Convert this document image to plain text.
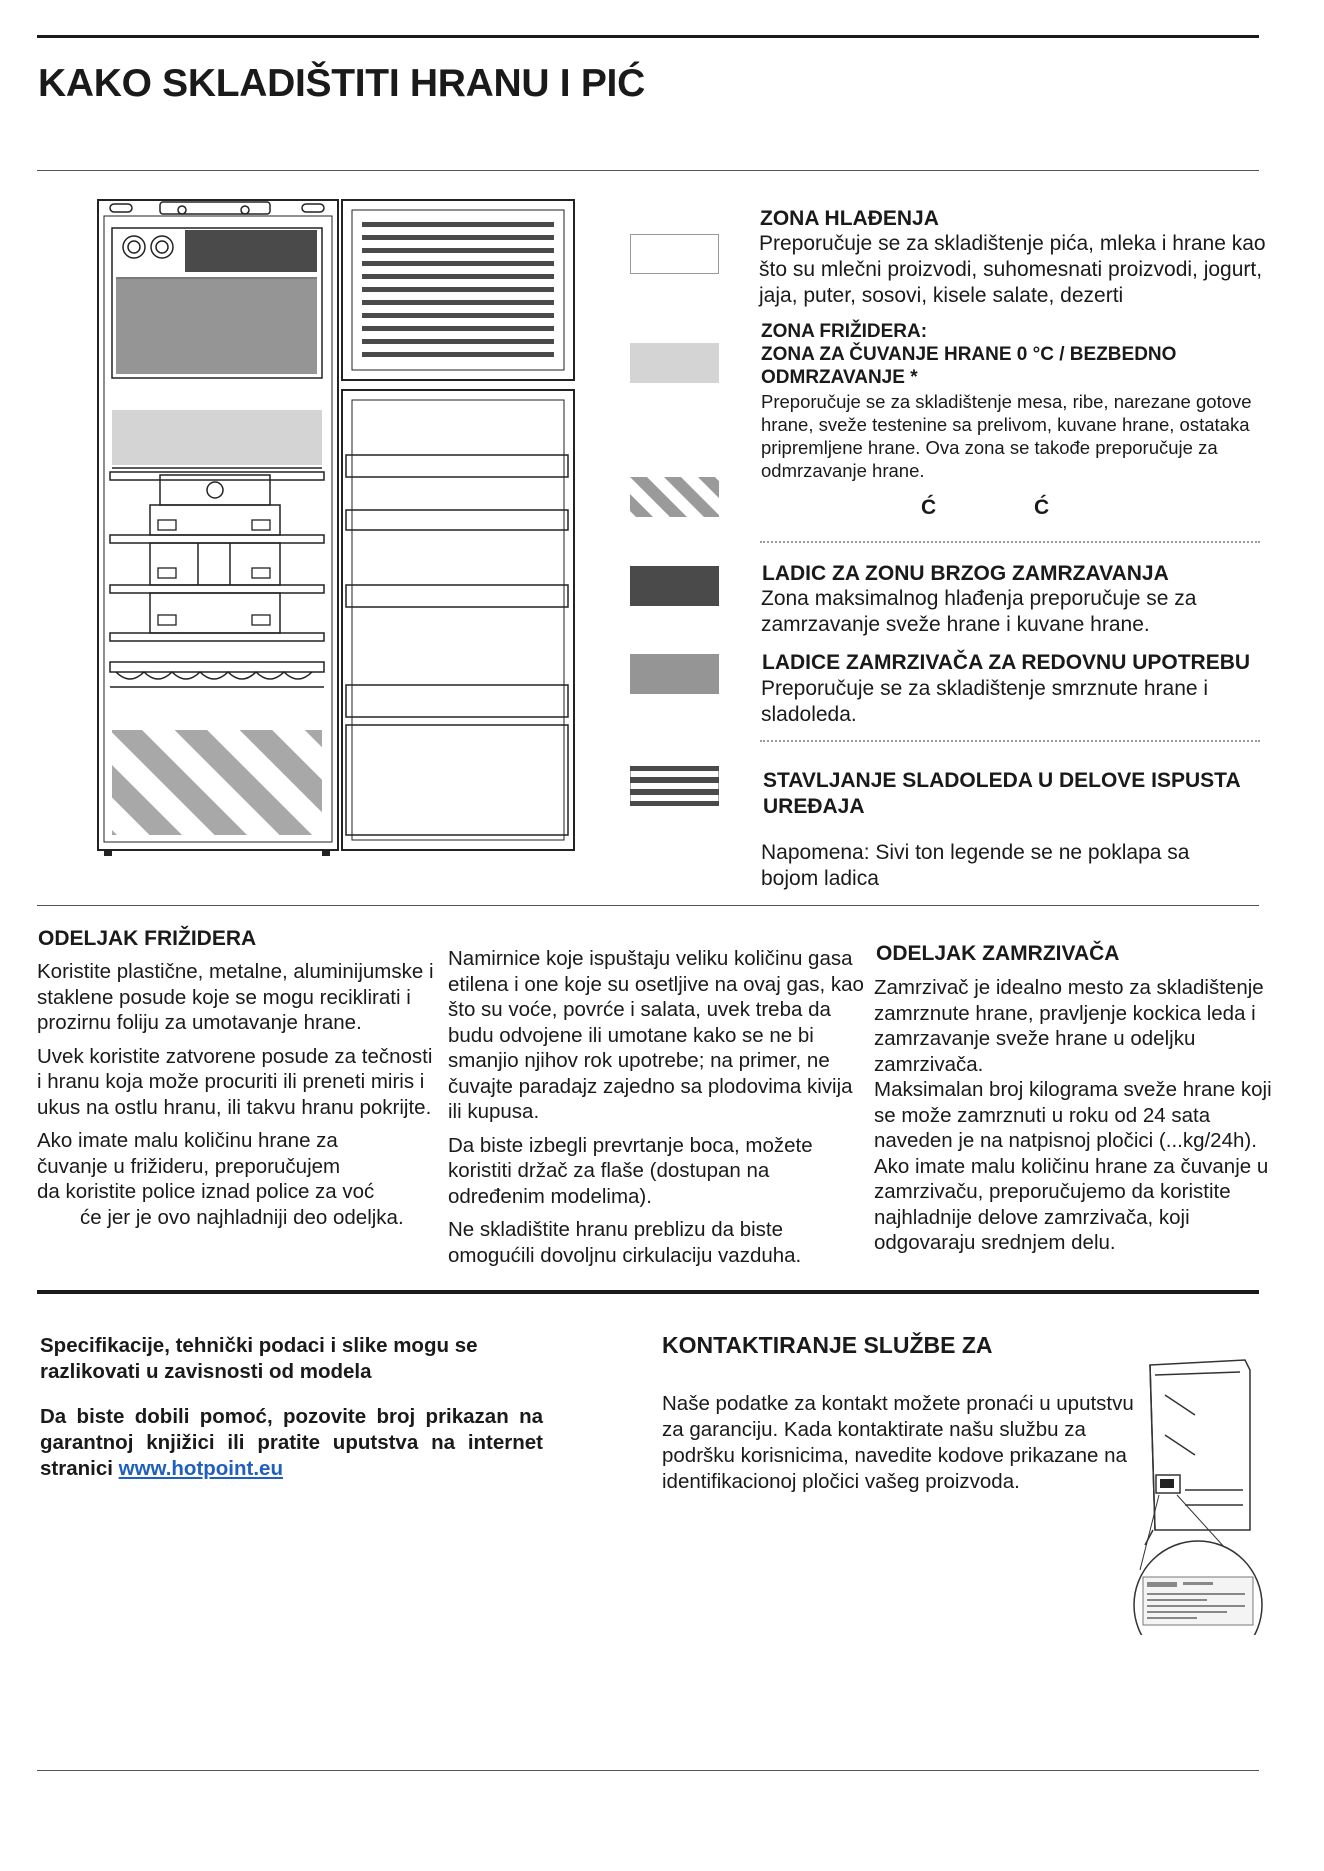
KAKO SKLADIŠTITI HRANU I PIĆ
ZONA HLAĐENJA
Preporučuje se za skladištenje pića, mleka i hrane kao
što su mlečni proizvodi, suhomesnati proizvodi, jogurt,
jaja, puter, sosovi, kisele salate, dezerti
ZONA FRIŽIDERA:
ZONA ZA ČUVANJE HRANE 0 °C / BEZBEDNO
ODMRZAVANJE *
Preporučuje se za skladištenje mesa, ribe, narezane gotove
hrane, sveže testenine sa prelivom, kuvane hrane, ostataka
pripremljene hrane. Ova zona se takođe preporučuje za
odmrzavanje hrane.
Ć	Ć
LADIC ZA ZONU BRZOG ZAMRZAVANJA
Zona maksimalnog hlađenja preporučuje se za
zamrzavanje sveže hrane i kuvane hrane.
LADICE ZAMRZIVAČA ZA REDOVNU UPOTREBU
Preporučuje se za skladištenje smrznute hrane i
sladoleda.
STAVLJANJE SLADOLEDA U DELOVE ISPUSTA
UREĐAJA
Napomena: Sivi ton legende se ne poklapa sa
bojom ladica
ODELJAK FRIŽIDERA

Koristite plastične, metalne, aluminijumske i staklene posude koje se mogu reciklirati i prozirnu foliju za umotavanje hrane.

Uvek koristite zatvorene posude za tečnosti i hranu koja može procuriti ili preneti miris i ukus na ostlu hranu, ili takvu hranu pokrijte.

Ako imate malu količinu hrane za
čuvanje u frižideru, preporučujem
da koristite police iznad police za voć
će jer je ovo najhladniji deo odeljka.

Namirnice koje ispuštaju veliku količinu gasa etilena i one koje su osetljive na ovaj gas, kao što su voće, povrće i salata, uvek treba da budu odvojene ili umotane kako se ne bi smanjio njihov rok upotrebe; na primer, ne čuvajte paradajz zajedno sa plodovima kivija ili kupusa.

Da biste izbegli prevrtanje boca, možete koristiti držač za flaše (dostupan na određenim modelima).

Ne skladištite hranu preblizu da biste omogućili dovoljnu cirkulaciju vazduha.

ODELJAK ZAMRZIVAČA
Zamrzivač je idealno mesto za skladištenje zamrznute hrane, pravljenje kockica leda i zamrzavanje sveže hrane u odeljku zamrzivača.
Maksimalan broj kilograma sveže hrane koji se može zamrznuti u roku od 24 sata naveden je na natpisnoj pločici (...kg/24h). Ako imate malu količinu hrane za čuvanje u zamrzivaču, preporučujemo da koristite najhladnije delove zamrzivača, koji odgovaraju srednjem delu.
Specifikacije, tehnički podaci i slike mogu se razlikovati u zavisnosti od modela
Da biste dobili pomoć, pozovite broj prikazan na garantnoj knjižici ili pratite uputstva na internet stranici www.hotpoint.eu
KONTAKTIRANJE SLUŽBE ZA
Naše podatke za kontakt možete pronaći u uputstvu za garanciju. Kada kontaktirate našu službu za podršku korisnicima, navedite kodove prikazane na identifikacionoj pločici vašeg proizvoda.
